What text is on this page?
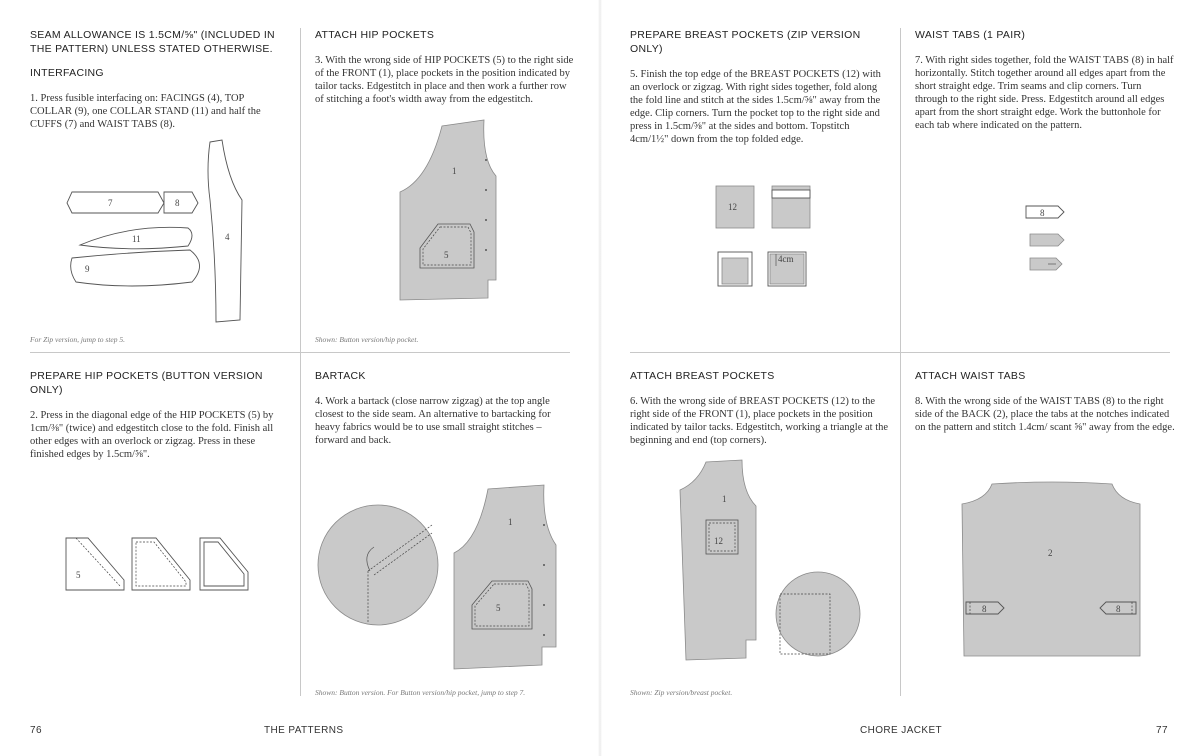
SEAM ALLOWANCE IS 1.5CM/⅝" (INCLUDED IN THE PATTERN) UNLESS STATED OTHERWISE.
INTERFACING
1. Press fusible interfacing on: FACINGS (4), TOP COLLAR (9), one COLLAR STAND (11) and half the CUFFS (7) and WAIST TABS (8).
7	8
11
9
4
For Zip version, jump to step 5.
ATTACH HIP POCKETS
3. With the wrong side of HIP POCKETS (5) to the right side of the FRONT (1), place pockets in the position indicated by tailor tacks. Edgestitch in place and then work a further row of stitching a foot's width away from the edgestitch.
1
5
Shown: Button version/hip pocket.
PREPARE BREAST POCKETS (ZIP VERSION ONLY)
5. Finish the top edge of the BREAST POCKETS (12) with an overlock or zigzag. With right sides together, fold along the fold line and stitch at the sides 1.5cm/⅝" away from the edge. Clip corners. Turn the pocket top to the right side and press in 1.5cm/⅝" at the sides and bottom. Topstitch 4cm/1½" down from the top folded edge.
12
4cm
WAIST TABS (1 PAIR)
7. With right sides together, fold the WAIST TABS (8) in half horizontally. Stitch together around all edges apart from the short straight edge. Trim seams and clip corners. Turn through to the right side. Press. Edgestitch around all edges apart from the short straight edge. Work the buttonhole for each tab where indicated on the pattern.
8
PREPARE HIP POCKETS (BUTTON VERSION ONLY)
2. Press in the diagonal edge of the HIP POCKETS (5) by 1cm/⅜" (twice) and edgestitch close to the fold. Finish all other edges with an overlock or zigzag. Press in these finished edges by 1.5cm/⅝".
5
BARTACK
4. Work a bartack (close narrow zigzag) at the top angle closest to the side seam. An alternative to bartacking for heavy fabrics would be to use small straight stitches – forward and back.
1
5
Shown: Button version. For Button version/hip pocket, jump to step 7.
ATTACH BREAST POCKETS
6. With the wrong side of BREAST POCKETS (12) to the right side of the FRONT (1), place pockets in the position indicated by tailor tacks. Edgestitch, working a triangle at the beginning and end (top corners).
1
12
Shown: Zip version/breast pocket.
ATTACH WAIST TABS
8. With the wrong side of the WAIST TABS (8) to the right side of the BACK (2), place the tabs at the notches indicated on the pattern and stitch 1.4cm/ scant ⅝" away from the edge.
2
8	8
76	THE PATTERNS	CHORE JACKET	77
